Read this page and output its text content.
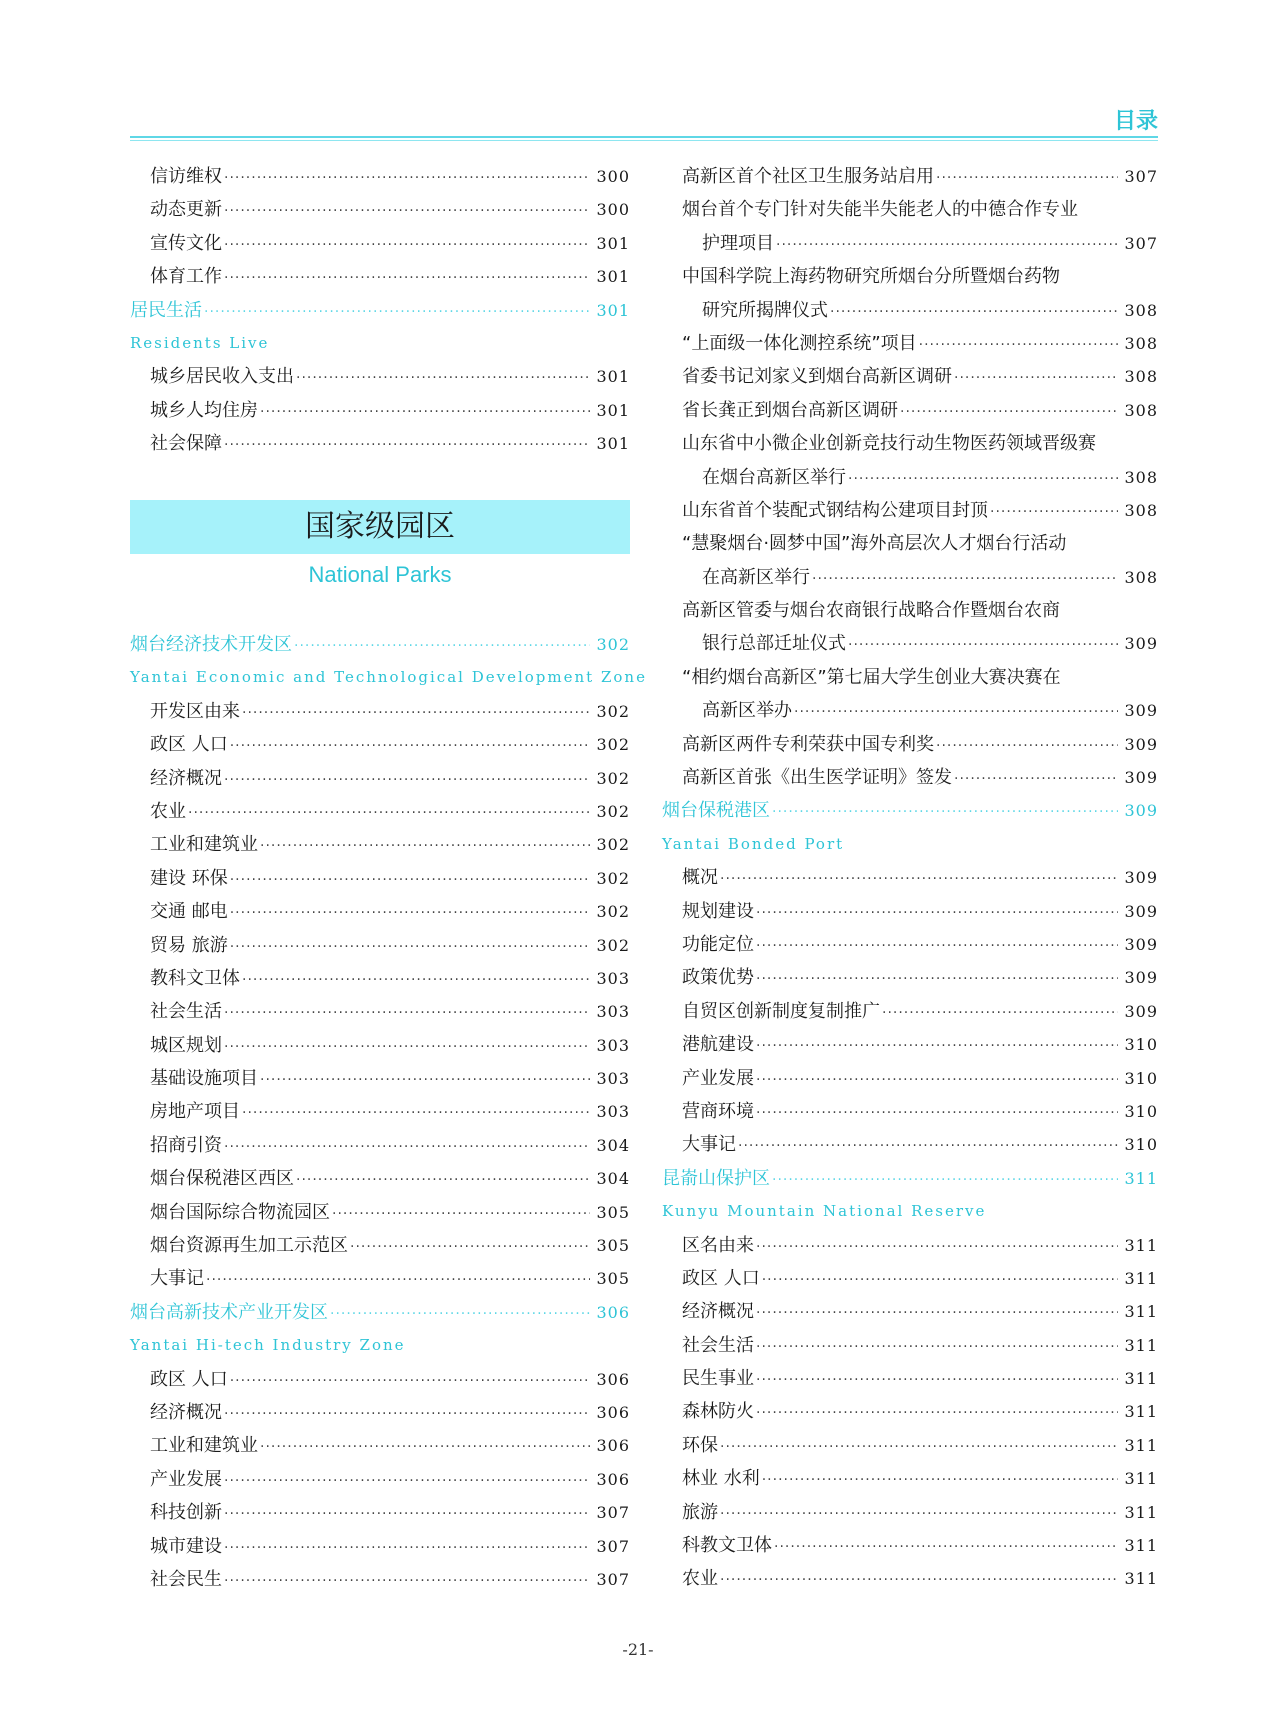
目录
信访维权 ·····	300
动态更新 ·····	300
宣传文化 ·····	301
体育工作 ·····	301
居民生活 ·····	301
Residents Live
城乡居民收入支出 ·····	301
城乡人均住房 ·····	301
社会保障 ·····	301
国家级园区
National Parks
烟台经济技术开发区 ·····	302
Yantai Economic and Technological Development Zone
开发区由来 ·····	302
政区 人口 ·····	302
经济概况 ·····	302
农业 ·····	302
工业和建筑业 ·····	302
建设 环保 ·····	302
交通 邮电 ·····	302
贸易 旅游 ·····	302
教科文卫体 ·····	303
社会生活 ·····	303
城区规划 ·····	303
基础设施项目 ·····	303
房地产项目 ·····	303
招商引资 ·····	304
烟台保税港区西区 ·····	304
烟台国际综合物流园区 ·····	305
烟台资源再生加工示范区 ·····	305
大事记 ·····	305
烟台高新技术产业开发区 ·····	306
Yantai Hi-tech Industry Zone
政区 人口 ·····	306
经济概况 ·····	306
工业和建筑业 ·····	306
产业发展 ·····	306
科技创新 ·····	307
城市建设 ·····	307
社会民生 ·····	307
高新区首个社区卫生服务站启用 ·····	307
烟台首个专门针对失能半失能老人的中德合作专业
护理项目 ·····	307
中国科学院上海药物研究所烟台分所暨烟台药物
研究所揭牌仪式 ·····	308
“上面级一体化测控系统”项目 ·····	308
省委书记刘家义到烟台高新区调研 ·····	308
省长龚正到烟台高新区调研 ·····	308
山东省中小微企业创新竞技行动生物医药领域晋级赛
在烟台高新区举行 ·····	308
山东省首个装配式钢结构公建项目封顶 ·····	308
“慧聚烟台·圆梦中国”海外高层次人才烟台行活动
在高新区举行 ·····	308
高新区管委与烟台农商银行战略合作暨烟台农商
银行总部迁址仪式 ·····	309
“相约烟台高新区”第七届大学生创业大赛决赛在
高新区举办 ·····	309
高新区两件专利荣获中国专利奖 ·····	309
高新区首张《出生医学证明》签发 ·····	309
烟台保税港区 ·····	309
Yantai Bonded Port
概况 ·····	309
规划建设 ·····	309
功能定位 ·····	309
政策优势 ·····	309
自贸区创新制度复制推广 ·····	309
港航建设 ·····	310
产业发展 ·····	310
营商环境 ·····	310
大事记 ·····	310
昆嵛山保护区 ·····	311
Kunyu Mountain National Reserve
区名由来 ·····	311
政区 人口 ·····	311
经济概况 ·····	311
社会生活 ·····	311
民生事业 ·····	311
森林防火 ·····	311
环保 ·····	311
林业 水利 ·····	311
旅游 ·····	311
科教文卫体 ·····	311
农业 ·····	311
-21-
